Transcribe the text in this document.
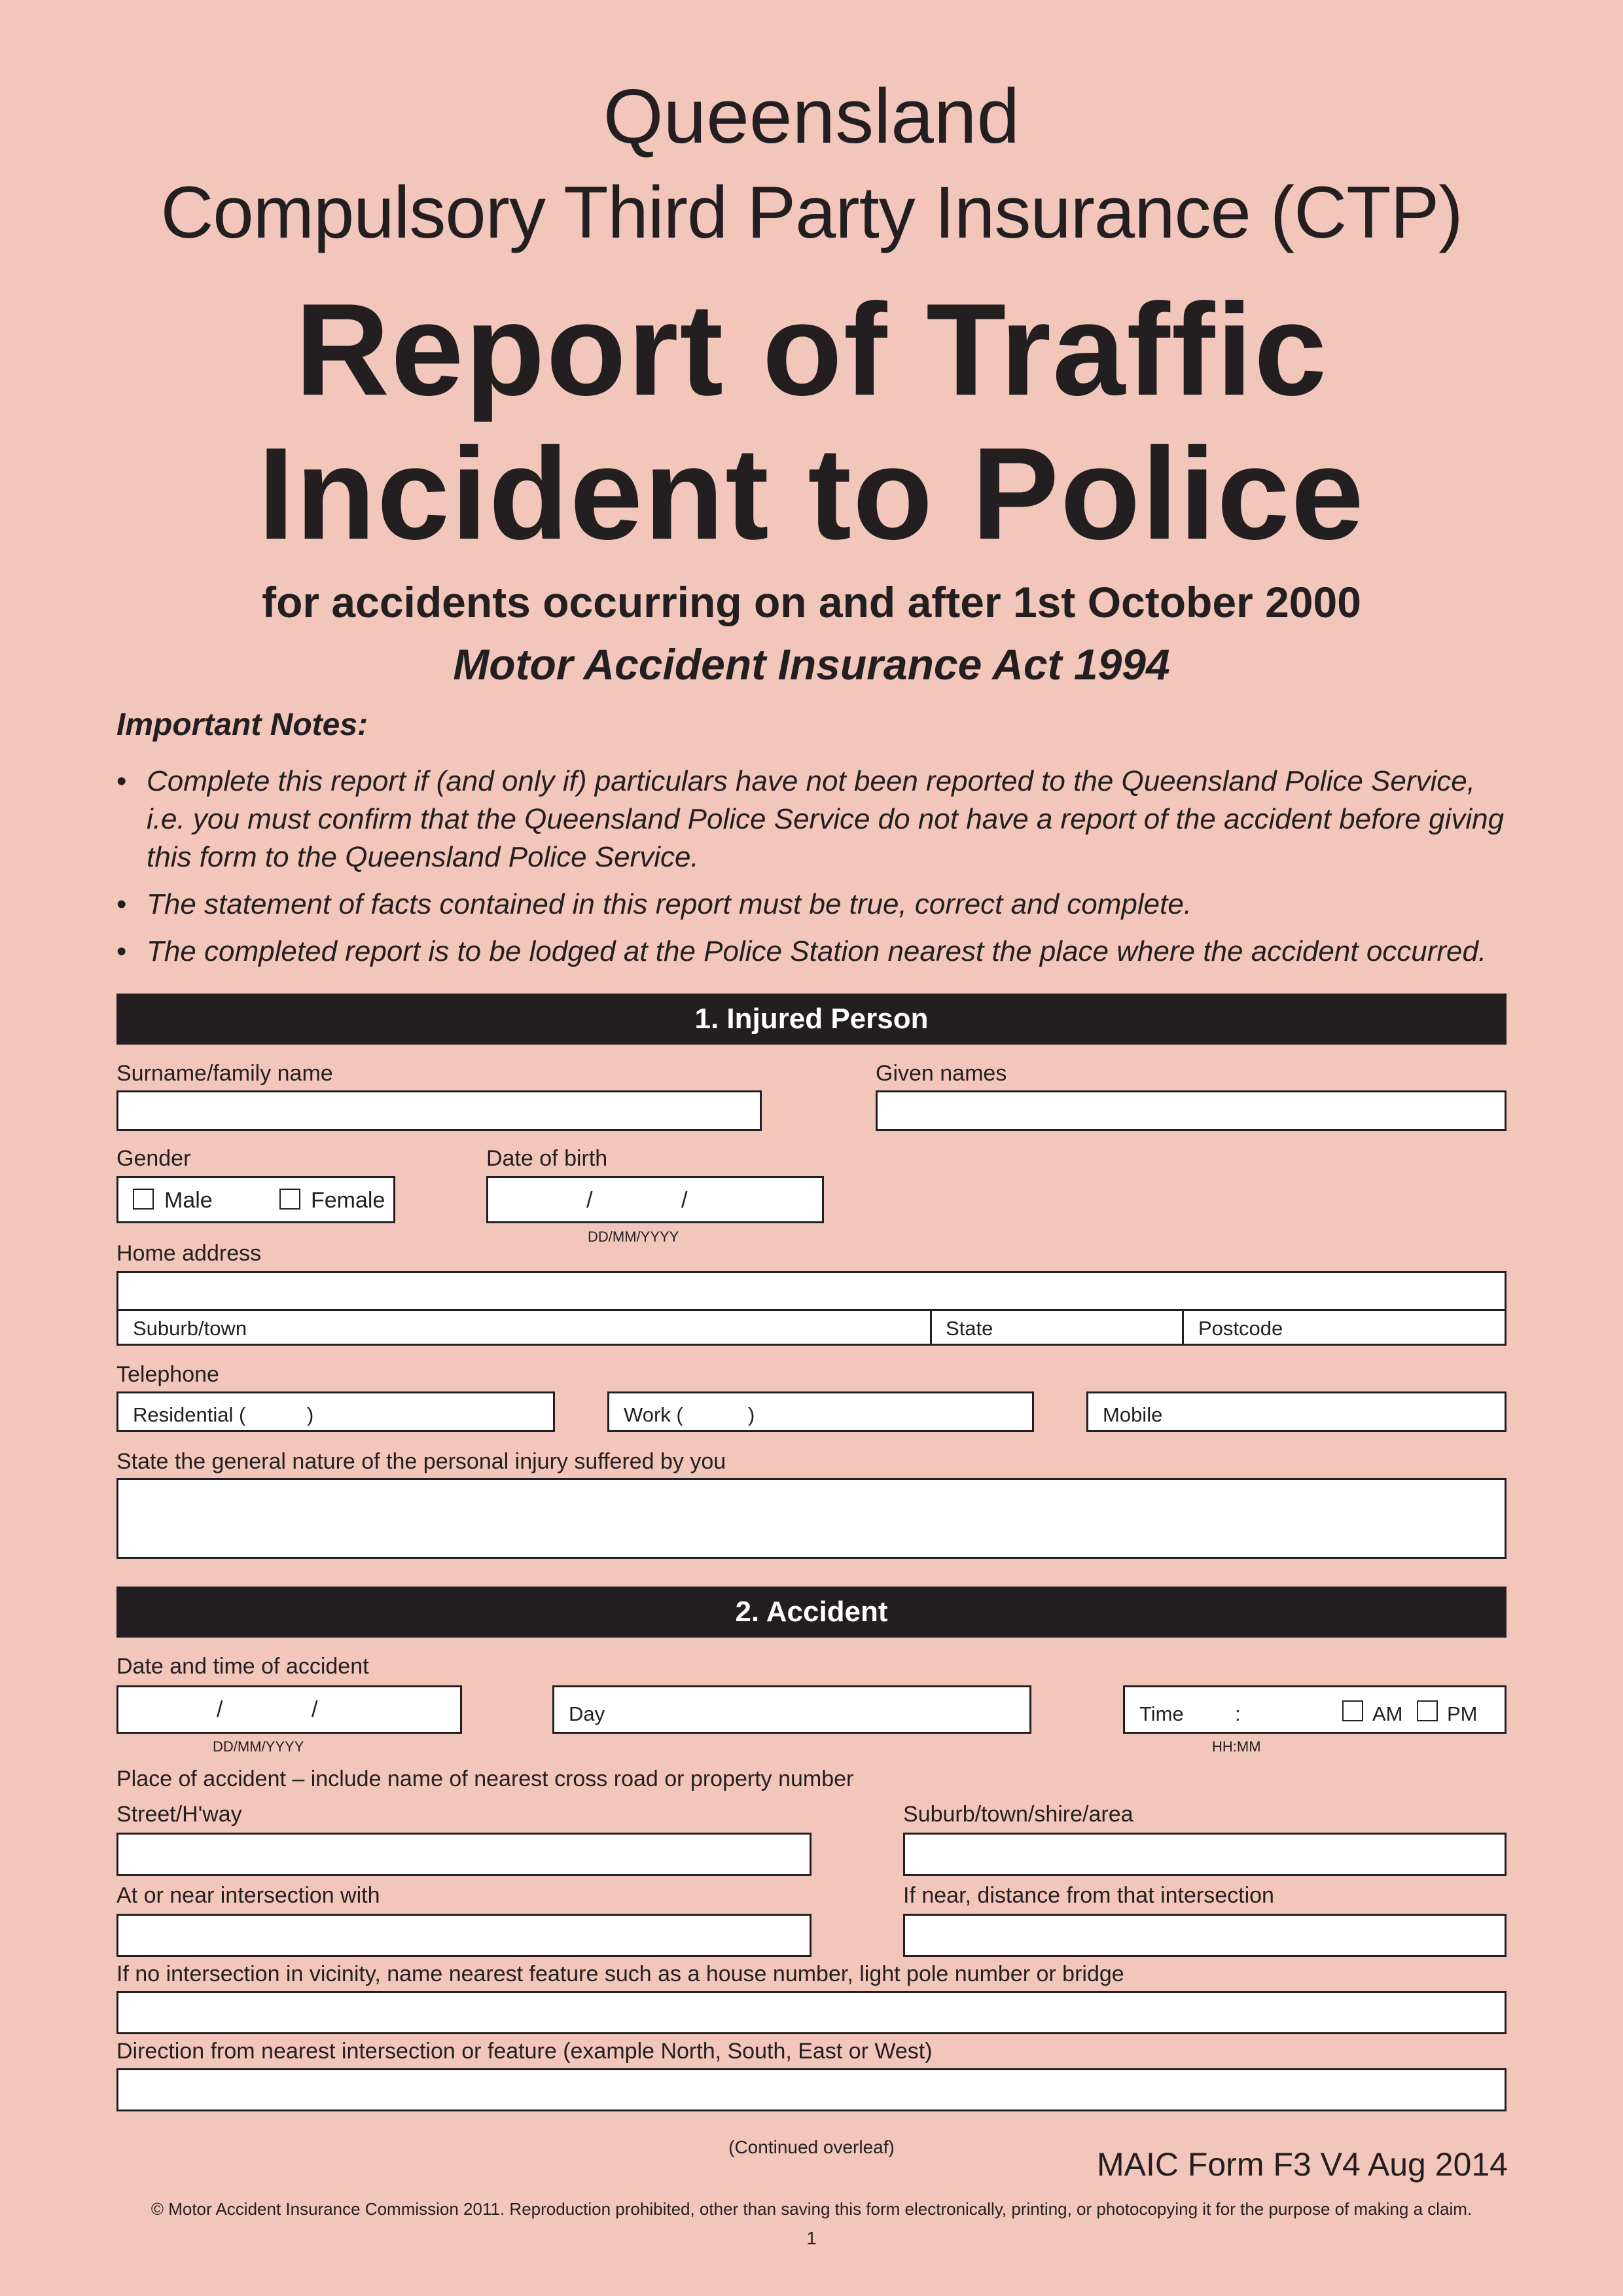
Queensland
Compulsory Third Party Insurance (CTP)
Report of Traffic
Incident to Police
for accidents occurring on and after 1st October 2000
Motor Accident Insurance Act 1994
Important Notes:
• Complete this report if (and only if) particulars have not been reported to the Queensland Police Service, i.e. you must confirm that the Queensland Police Service do not have a report of the accident before giving this form to the Queensland Police Service.
• The statement of facts contained in this report must be true, correct and complete.
• The completed report is to be lodged at the Police Station nearest the place where the accident occurred.
1. Injured Person
Surname/family name	Given names
Gender
Male	Female
Date of birth
/	/
DD/MM/YYYY
Home address
Suburb/town	State	Postcode
Telephone
Residential (	)	Work (	)	Mobile
State the general nature of the personal injury suffered by you
2. Accident
Date and time of accident
/	/
DD/MM/YYYY
Day	Time	:	AM PM
HH:MM
Place of accident – include name of nearest cross road or property number
Street/H'way	Suburb/town/shire/area
At or near intersection with	If near, distance from that intersection
If no intersection in vicinity, name nearest feature such as a house number, light pole number or bridge
Direction from nearest intersection or feature (example North, South, East or West)
(Continued overleaf)	MAIC Form F3 V4 Aug 2014
© Motor Accident Insurance Commission 2011. Reproduction prohibited, other than saving this form electronically, printing, or photocopying it for the purpose of making a claim.
1
